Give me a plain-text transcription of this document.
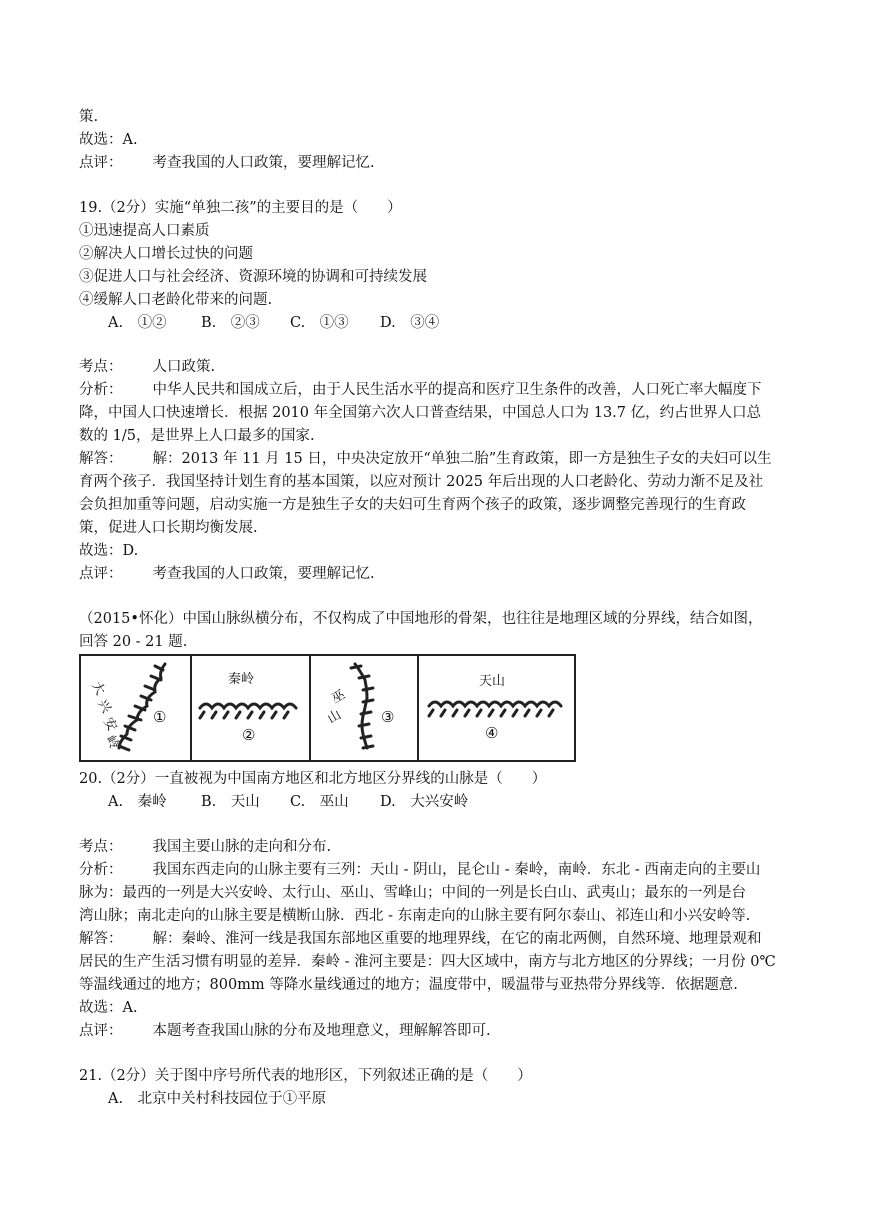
策.
故选：A.
点评： 考查我国的人口政策，要理解记忆.
19.（2分）实施“单独二孩”的主要目的是（　　）
①迅速提高人口素质
②解决人口增长过快的问题
③促进人口与社会经济、资源环境的协调和可持续发展
④缓解人口老龄化带来的问题.
A.　①② B.　②③ C.　①③ D.　③④
考点： 人口政策.
分析： 中华人民共和国成立后，由于人民生活水平的提高和医疗卫生条件的改善，人口死亡率大幅度下
降，中国人口快速增长．根据 2010 年全国第六次人口普查结果，中国总人口为 13.7 亿，约占世界人口总
数的 1/5，是世界上人口最多的国家.
解答： 解：2013 年 11 月 15 日，中央决定放开“单独二胎”生育政策，即一方是独生子女的夫妇可以生
育两个孩子．我国坚持计划生育的基本国策，以应对预计 2025 年后出现的人口老龄化、劳动力渐不足及社
会负担加重等问题，启动实施一方是独生子女的夫妇可生育两个孩子的政策，逐步调整完善现行的生育政
策，促进人口长期均衡发展.
故选：D.
点评： 考查我国的人口政策，要理解记忆.
（2015•怀化）中国山脉纵横分布，不仅构成了中国地形的骨架，也往往是地理区域的分界线，结合如图，
回答 20 - 21 题.
大
兴
安
岭
①
秦岭
②
巫
山 ③
天山
④
20.（2分）一直被视为中国南方地区和北方地区分界线的山脉是（　　）
A.　秦岭 B.　天山 C.　巫山 D.　大兴安岭
考点： 我国主要山脉的走向和分布.
分析： 我国东西走向的山脉主要有三列：天山 - 阴山，昆仑山 - 秦岭，南岭．东北 - 西南走向的主要山
脉为：最西的一列是大兴安岭、太行山、巫山、雪峰山；中间的一列是长白山、武夷山；最东的一列是台
湾山脉；南北走向的山脉主要是横断山脉．西北 - 东南走向的山脉主要有阿尔泰山、祁连山和小兴安岭等.
解答： 解：秦岭、淮河一线是我国东部地区重要的地理界线，在它的南北两侧，自然环境、地理景观和
居民的生产生活习惯有明显的差异．秦岭 - 淮河主要是：四大区域中，南方与北方地区的分界线；一月份 0℃
等温线通过的地方；800mm 等降水量线通过的地方；温度带中，暖温带与亚热带分界线等．依据题意.
故选：A.
点评： 本题考查我国山脉的分布及地理意义，理解解答即可.
21.（2分）关于图中序号所代表的地形区，下列叙述正确的是（　　）
A.　北京中关村科技园位于①平原
